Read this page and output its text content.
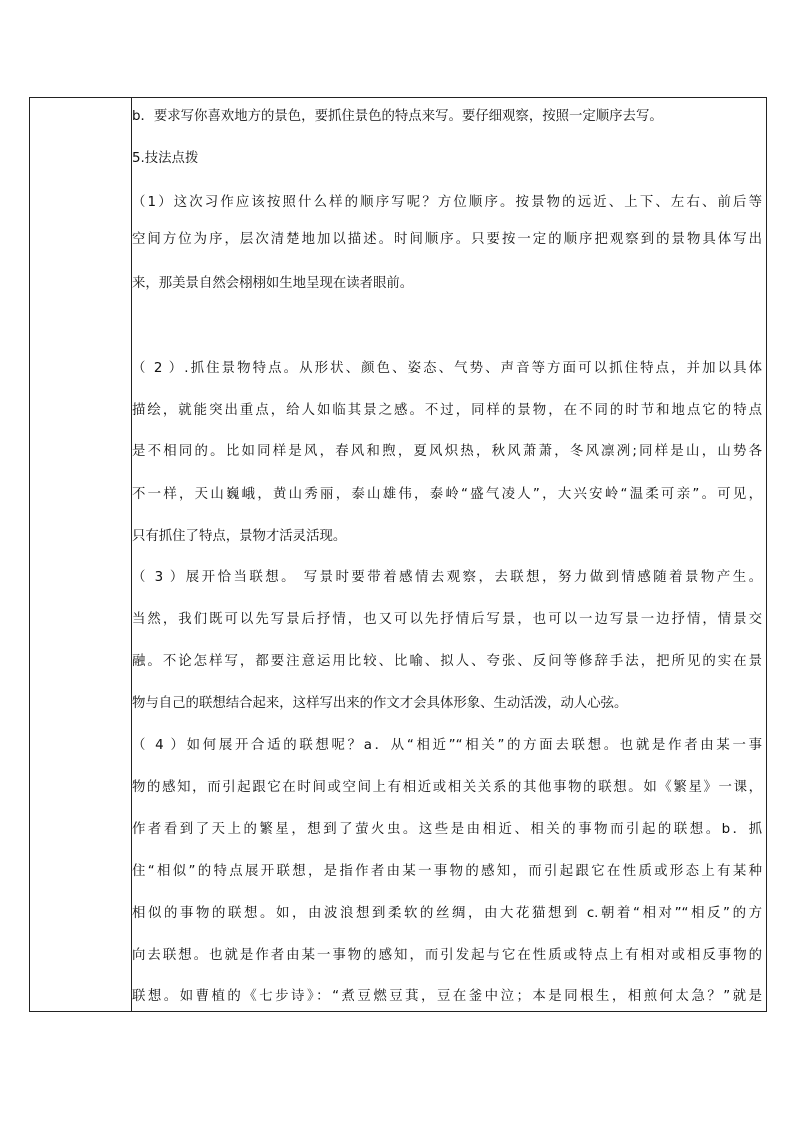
b．要求写你喜欢地方的景色，要抓住景色的特点来写。要仔细观察，按照一定顺序去写。
5.技法点拨
（1）这次习作应该按照什么样的顺序写呢？方位顺序。按景物的远近、上下、左右、前后等
空间方位为序，层次清楚地加以描述。时间顺序。只要按一定的顺序把观察到的景物具体写出
来，那美景自然会栩栩如生地呈现在读者眼前。
（ 2 ）.抓住景物特点。从形状、颜色、姿态、气势、声音等方面可以抓住特点，并加以具体
描绘，就能突出重点，给人如临其景之感。不过，同样的景物，在不同的时节和地点它的特点
是不相同的。比如同样是风，春风和煦，夏风炽热，秋风萧萧，冬风凛冽;同样是山，山势各
不一样，天山巍峨，黄山秀丽，泰山雄伟，泰岭“盛气凌人”，大兴安岭“温柔可亲”。可见，
只有抓住了特点，景物才活灵活现。
（ 3 ）展开恰当联想。 写景时要带着感情去观察，去联想，努力做到情感随着景物产生。
当然，我们既可以先写景后抒情，也又可以先抒情后写景，也可以一边写景一边抒情，情景交
融。不论怎样写，都要注意运用比较、比喻、拟人、夸张、反问等修辞手法，把所见的实在景
物与自己的联想结合起来，这样写出来的作文才会具体形象、生动活泼，动人心弦。
（ 4 ）如何展开合适的联想呢？a．从“相近”“相关”的方面去联想。也就是作者由某一事
物的感知，而引起跟它在时间或空间上有相近或相关关系的其他事物的联想。如《繁星》一课，
作者看到了天上的繁星，想到了萤火虫。这些是由相近、相关的事物而引起的联想。b．抓
住“相似”的特点展开联想，是指作者由某一事物的感知，而引起跟它在性质或形态上有某种
相似的事物的联想。如，由波浪想到柔软的丝绸，由大花猫想到 c.朝着“相对”“相反”的方
向去联想。也就是作者由某一事物的感知，而引发起与它在性质或特点上有相对或相反事物的
联想。如曹植的《七步诗》：“煮豆燃豆萁，豆在釜中泣；本是同根生，相煎何太急？”就是
